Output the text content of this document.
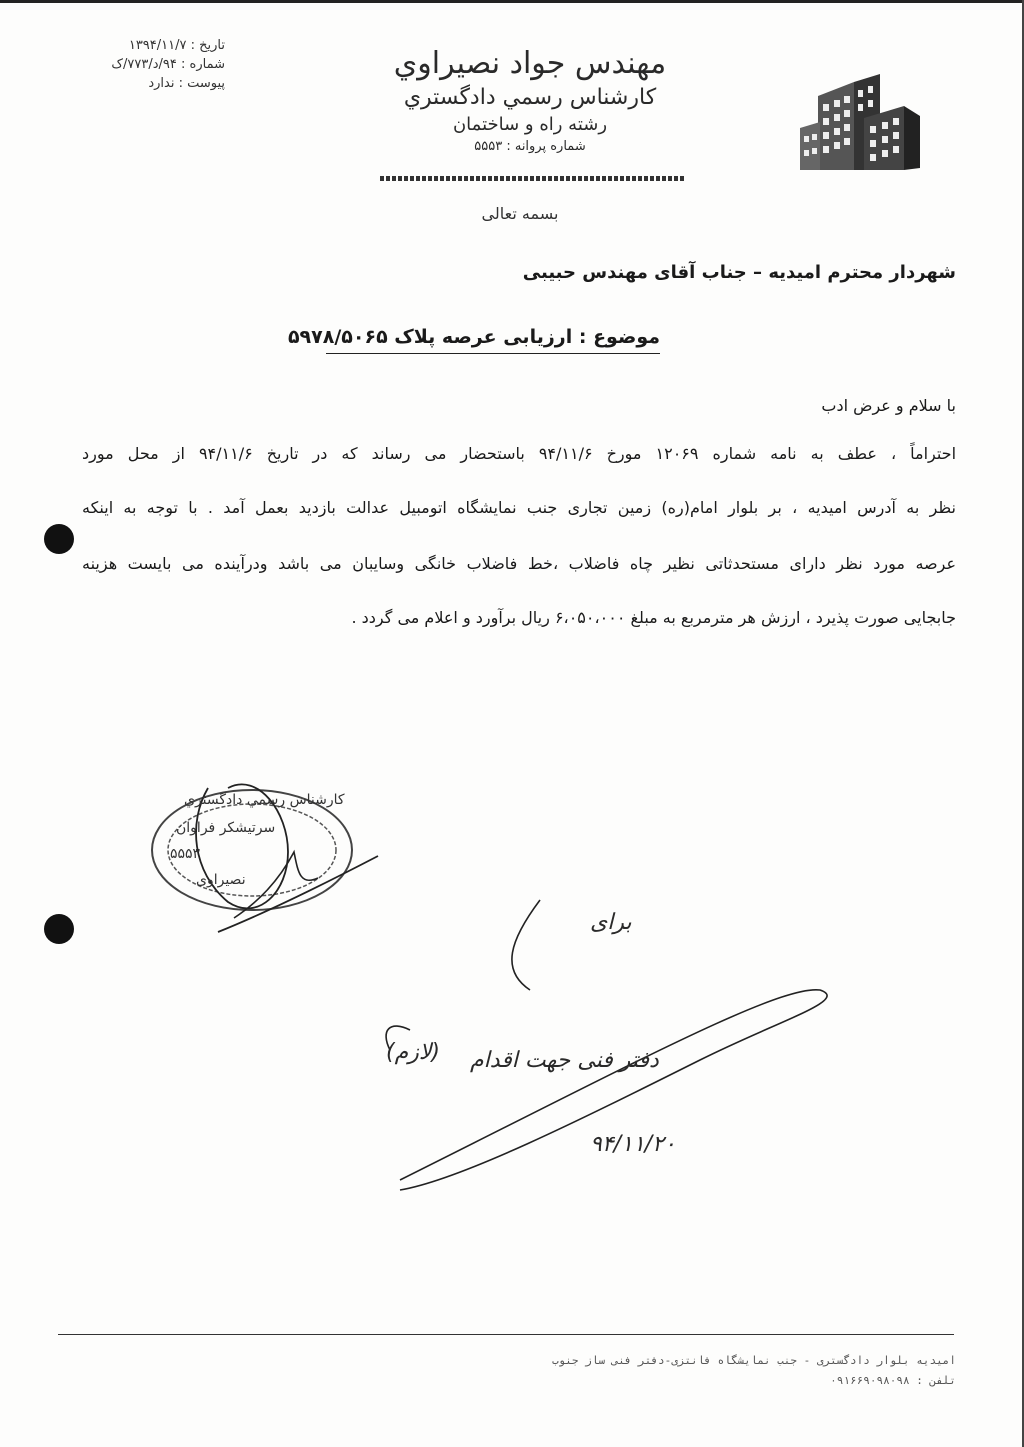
تاریخ : ۱۳۹۴/۱۱/۷
شماره : ۹۴/د/۷۷۳/ک
پیوست : ندارد
مهندس جواد نصیراوي
كارشناس رسمي دادگستري
رشته راه و ساختمان
شماره پروانه : ۵۵۵۳
بسمه تعالی
شهردار محترم امیدیه – جناب آقای مهندس حبیبی
موضوع : ارزیابی عرصه پلاک ۵۹۷۸/۵۰۶۵
با سلام و عرض ادب
احتراماً ، عطف به نامه شماره ۱۲۰۶۹ مورخ ۹۴/۱۱/۶ باستحضار می رساند که در تاریخ ۹۴/۱۱/۶ از محل مورد
نظر به آدرس امیدیه ، بر بلوار امام(ره) زمین تجاری جنب نمایشگاه اتومبیل عدالت بازدید بعمل آمد . با توجه به اینکه
عرصه مورد نظر دارای مستحدثاتی نظیر چاه فاضلاب ،خط فاضلاب خانگی وسایبان می باشد ودرآینده می بایست هزینه
جابجایی صورت پذیرد ، ارزش هر مترمربع به مبلغ ۶،۰۵۰،۰۰۰ ریال برآورد و اعلام می گردد .
كارشناس رسمي دادگستري
سرتیشکر فراوان
۵۵۵۳
نصیراوی
برای
دفتر فنی جهت اقدام
(لازم)
۹۴/۱۱/۲۰
امیدیه بلوار دادگستری - جنب نمایشگاه فانتزی-دفتر فنی ساز جنوب
تلفن : ۰۹۱۶۶۹۰۹۸۰۹۸
